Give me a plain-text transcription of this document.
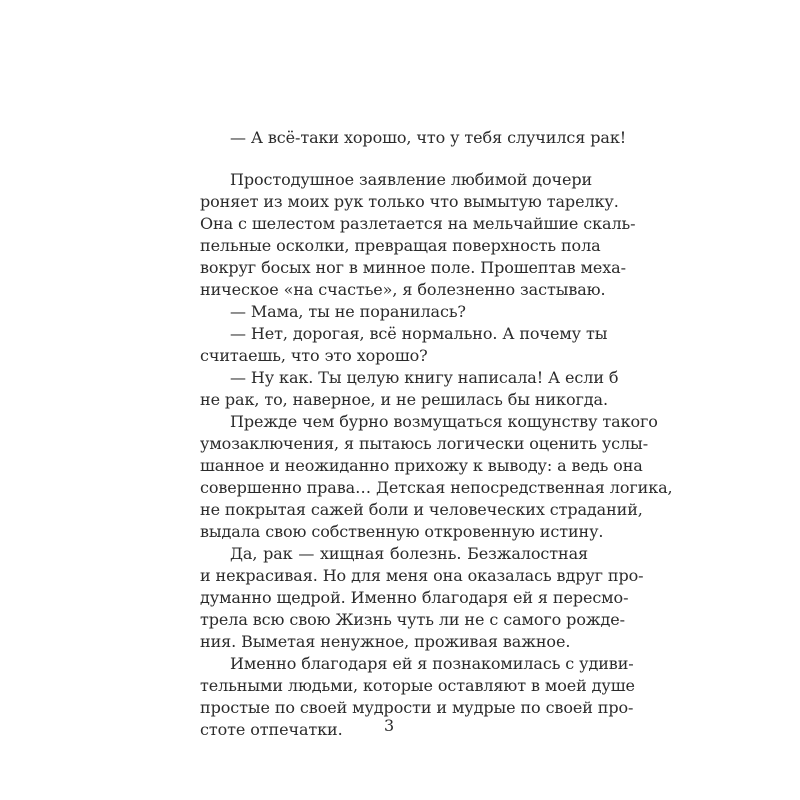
— А всё-таки хорошо, что у тебя случился рак!
Простодушное заявление любимой дочери
роняет из моих рук только что вымытую тарелку.
Она с шелестом разлетается на мельчайшие скаль-
пельные осколки, превращая поверхность пола
вокруг босых ног в минное поле. Прошептав меха-
ническое «на счастье», я болезненно застываю.
— Мама, ты не поранилась?
— Нет, дорогая, всё нормально. А почему ты
считаешь, что это хорошо?
— Ну как. Ты целую книгу написала! А если б
не рак, то, наверное, и не решилась бы никогда.
Прежде чем бурно возмущаться кощунству такого
умозаключения, я пытаюсь логически оценить услы-
шанное и неожиданно прихожу к выводу: а ведь она
совершенно права… Детская непосредственная логика,
не покрытая сажей боли и человеческих страданий,
выдала свою собственную откровенную истину.
Да, рак — хищная болезнь. Безжалостная
и некрасивая. Но для меня она оказалась вдруг про-
думанно щедрой. Именно благодаря ей я пересмо-
трела всю свою Жизнь чуть ли не с самого рожде-
ния. Выметая ненужное, проживая важное.
Именно благодаря ей я познакомилась с удиви-
тельными людьми, которые оставляют в моей душе
простые по своей мудрости и мудрые по своей про-
стоте отпечатки.	3
